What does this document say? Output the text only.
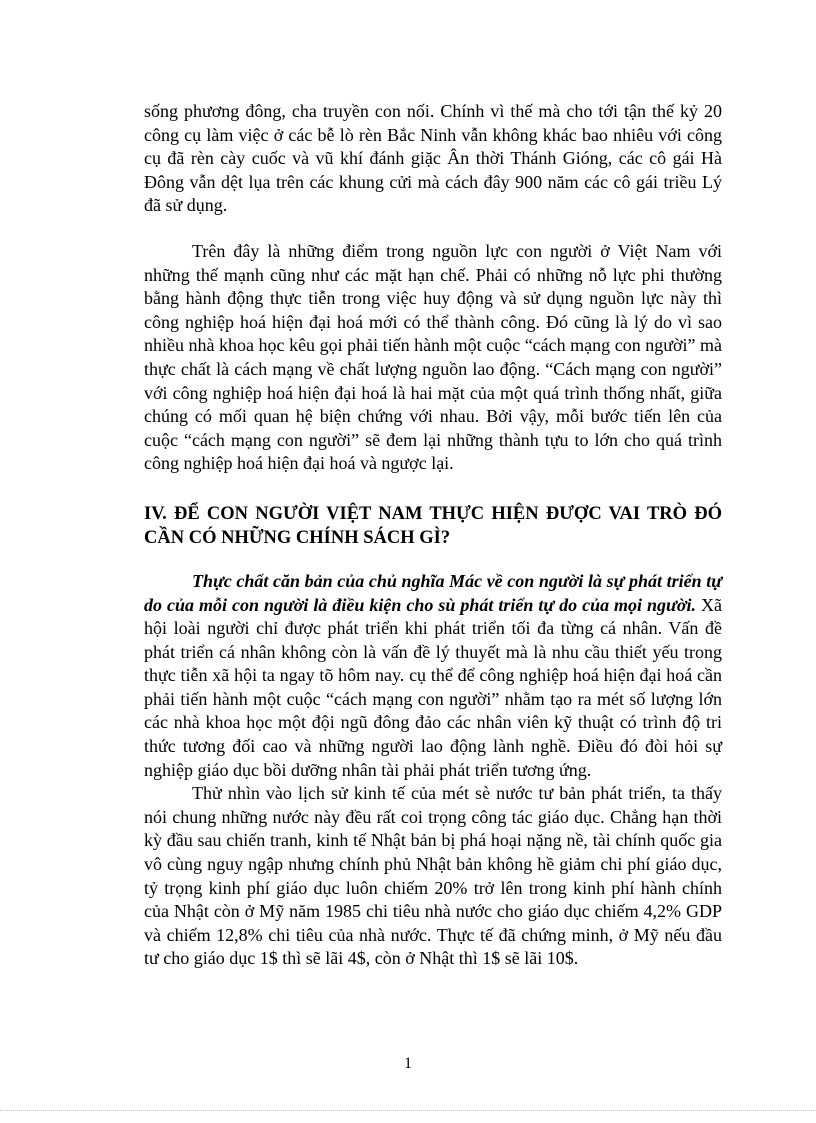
sống phương đông, cha truyền con nối. Chính vì thế mà cho tới tận thế kỷ 20 công cụ làm việc ở các bễ lò rèn Bắc Ninh vẫn không khác bao nhiêu với công cụ đã rèn cày cuốc và vũ khí đánh giặc Ân thời Thánh Gióng, các cô gái Hà Đông vẫn dệt lụa trên các khung cửi mà cách đây 900 năm các cô gái triều Lý đã sử dụng.

Trên đây là những điểm trong nguồn lực con người ở Việt Nam với những thế mạnh cũng như các mặt hạn chế. Phải có những nỗ lực phi thường bằng hành động thực tiễn trong việc huy động và sử dụng nguồn lực này thì công nghiệp hoá hiện đại hoá mới có thể thành công. Đó cũng là lý do vì sao nhiều nhà khoa học kêu gọi phải tiến hành một cuộc “cách mạng con người” mà thực chất là cách mạng về chất lượng nguồn lao động. “Cách mạng con người” với công nghiệp hoá hiện đại hoá là hai mặt của một quá trình thống nhất, giữa chúng có mối quan hệ biện chứng với nhau. Bởi vậy, mỗi bước tiến lên của cuộc “cách mạng con người” sẽ đem lại những thành tựu to lớn cho quá trình công nghiệp hoá hiện đại hoá và ngược lại.

IV. ĐỂ CON NGƯỜI VIỆT NAM THỰC HIỆN ĐƯỢC VAI TRÒ ĐÓ CẦN CÓ NHỮNG CHÍNH SÁCH GÌ?

Thực chất căn bản của chủ nghĩa Mác về con người là sự phát triển tự do của mỗi con người là điều kiện cho sù phát triển tự do của mọi người. Xã hội loài người chỉ được phát triển khi phát triển tối đa từng cá nhân. Vấn đề phát triển cá nhân không còn là vấn đề lý thuyết mà là nhu cầu thiết yếu trong thực tiễn xã hội ta ngay tõ hôm nay. cụ thể để công nghiệp hoá hiện đại hoá cần phải tiến hành một cuộc “cách mạng con người” nhằm tạo ra mét số lượng lớn các nhà khoa học một đội ngũ đông đảo các nhân viên kỹ thuật có trình độ tri thức tương đối cao và những người lao động lành nghề. Điều đó đòi hỏi sự nghiệp giáo dục bồi dưỡng nhân tài phải phát triển tương ứng.

Thử nhìn vào lịch sử kinh tế của mét sè nước tư bản phát triển, ta thấy nói chung những nước này đều rất coi trọng công tác giáo dục. Chẳng hạn thời kỳ đầu sau chiến tranh, kinh tế Nhật bản bị phá hoại nặng nề, tài chính quốc gia vô cùng nguy ngập nhưng chính phủ Nhật bản không hề giảm chi phí giáo dục, tỷ trọng kinh phí giáo dục luôn chiếm 20% trở lên trong kinh phí hành chính của Nhật còn ở Mỹ năm 1985 chi tiêu nhà nước cho giáo dục chiếm 4,2% GDP và chiếm 12,8% chi tiêu của nhà nước. Thực tế đã chứng minh, ở Mỹ nếu đầu tư cho giáo dục 1$ thì sẽ lãi 4$, còn ở Nhật thì 1$ sẽ lãi 10$.

1
